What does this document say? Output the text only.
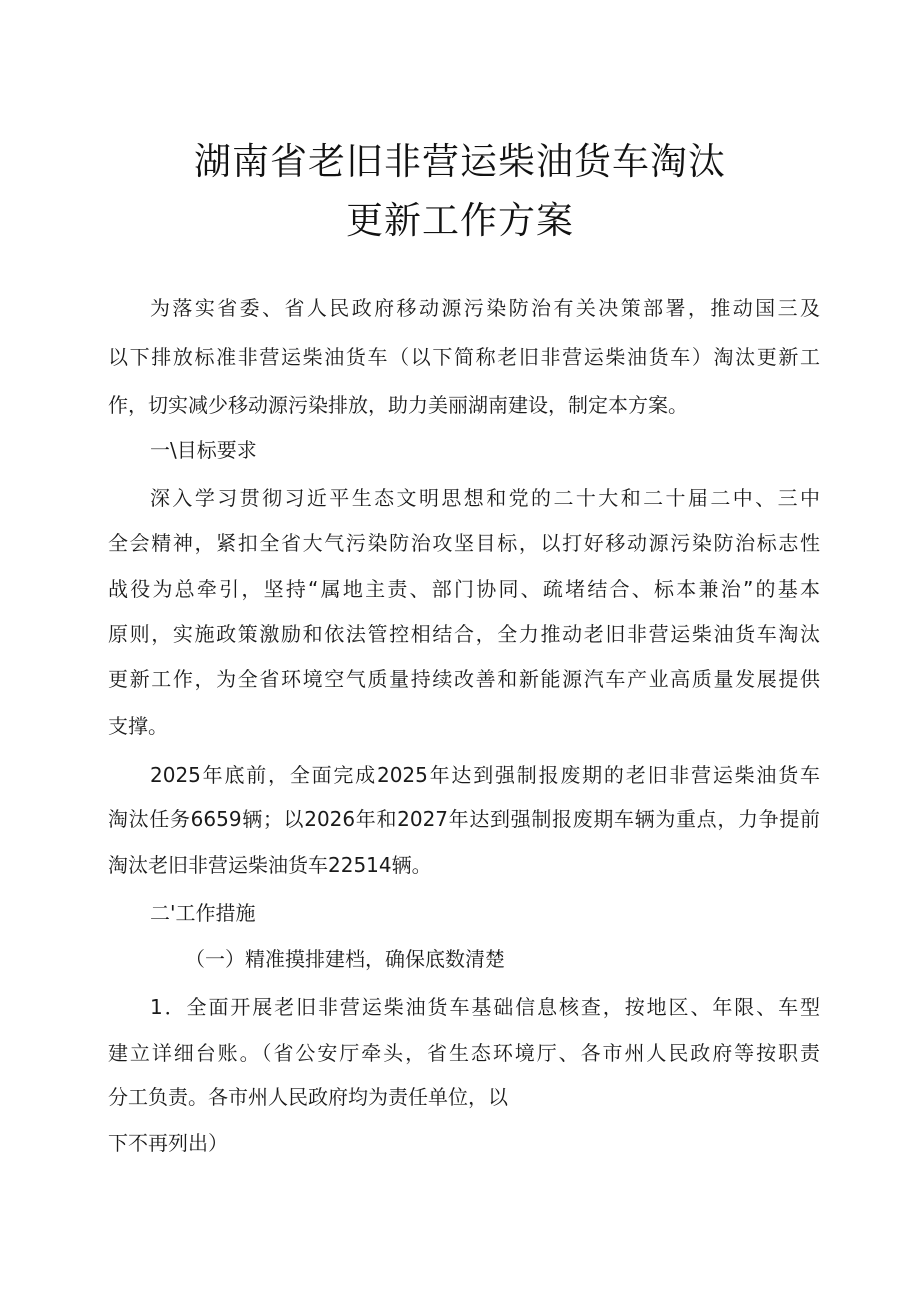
湖南省老旧非营运柴油货车淘汰
更新工作方案
为落实省委、省人民政府移动源污染防治有关决策部署，推动国三及
以下排放标准非营运柴油货车（以下简称老旧非营运柴油货车）淘汰更新工
作，切实减少移动源污染排放，助力美丽湖南建设，制定本方案。
一\目标要求
深入学习贯彻习近平生态文明思想和党的二十大和二十届二中、三中
全会精神，紧扣全省大气污染防治攻坚目标，以打好移动源污染防治标志性
战役为总牵引，坚持“属地主责、部门协同、疏堵结合、标本兼治”的基本
原则，实施政策激励和依法管控相结合，全力推动老旧非营运柴油货车淘汰
更新工作，为全省环境空气质量持续改善和新能源汽车产业高质量发展提供
支撑。
2025年底前，全面完成2025年达到强制报废期的老旧非营运柴油货车
淘汰任务6659辆；以2026年和2027年达到强制报废期车辆为重点，力争提前
淘汰老旧非营运柴油货车22514辆。
二'工作措施
（一）精准摸排建档，确保底数清楚
1．全面开展老旧非营运柴油货车基础信息核查，按地区、年限、车型
建立详细台账。（省公安厅牵头，省生态环境厅、各市州人民政府等按职责
分工负责。各市州人民政府均为责任单位，以
下不再列出）
